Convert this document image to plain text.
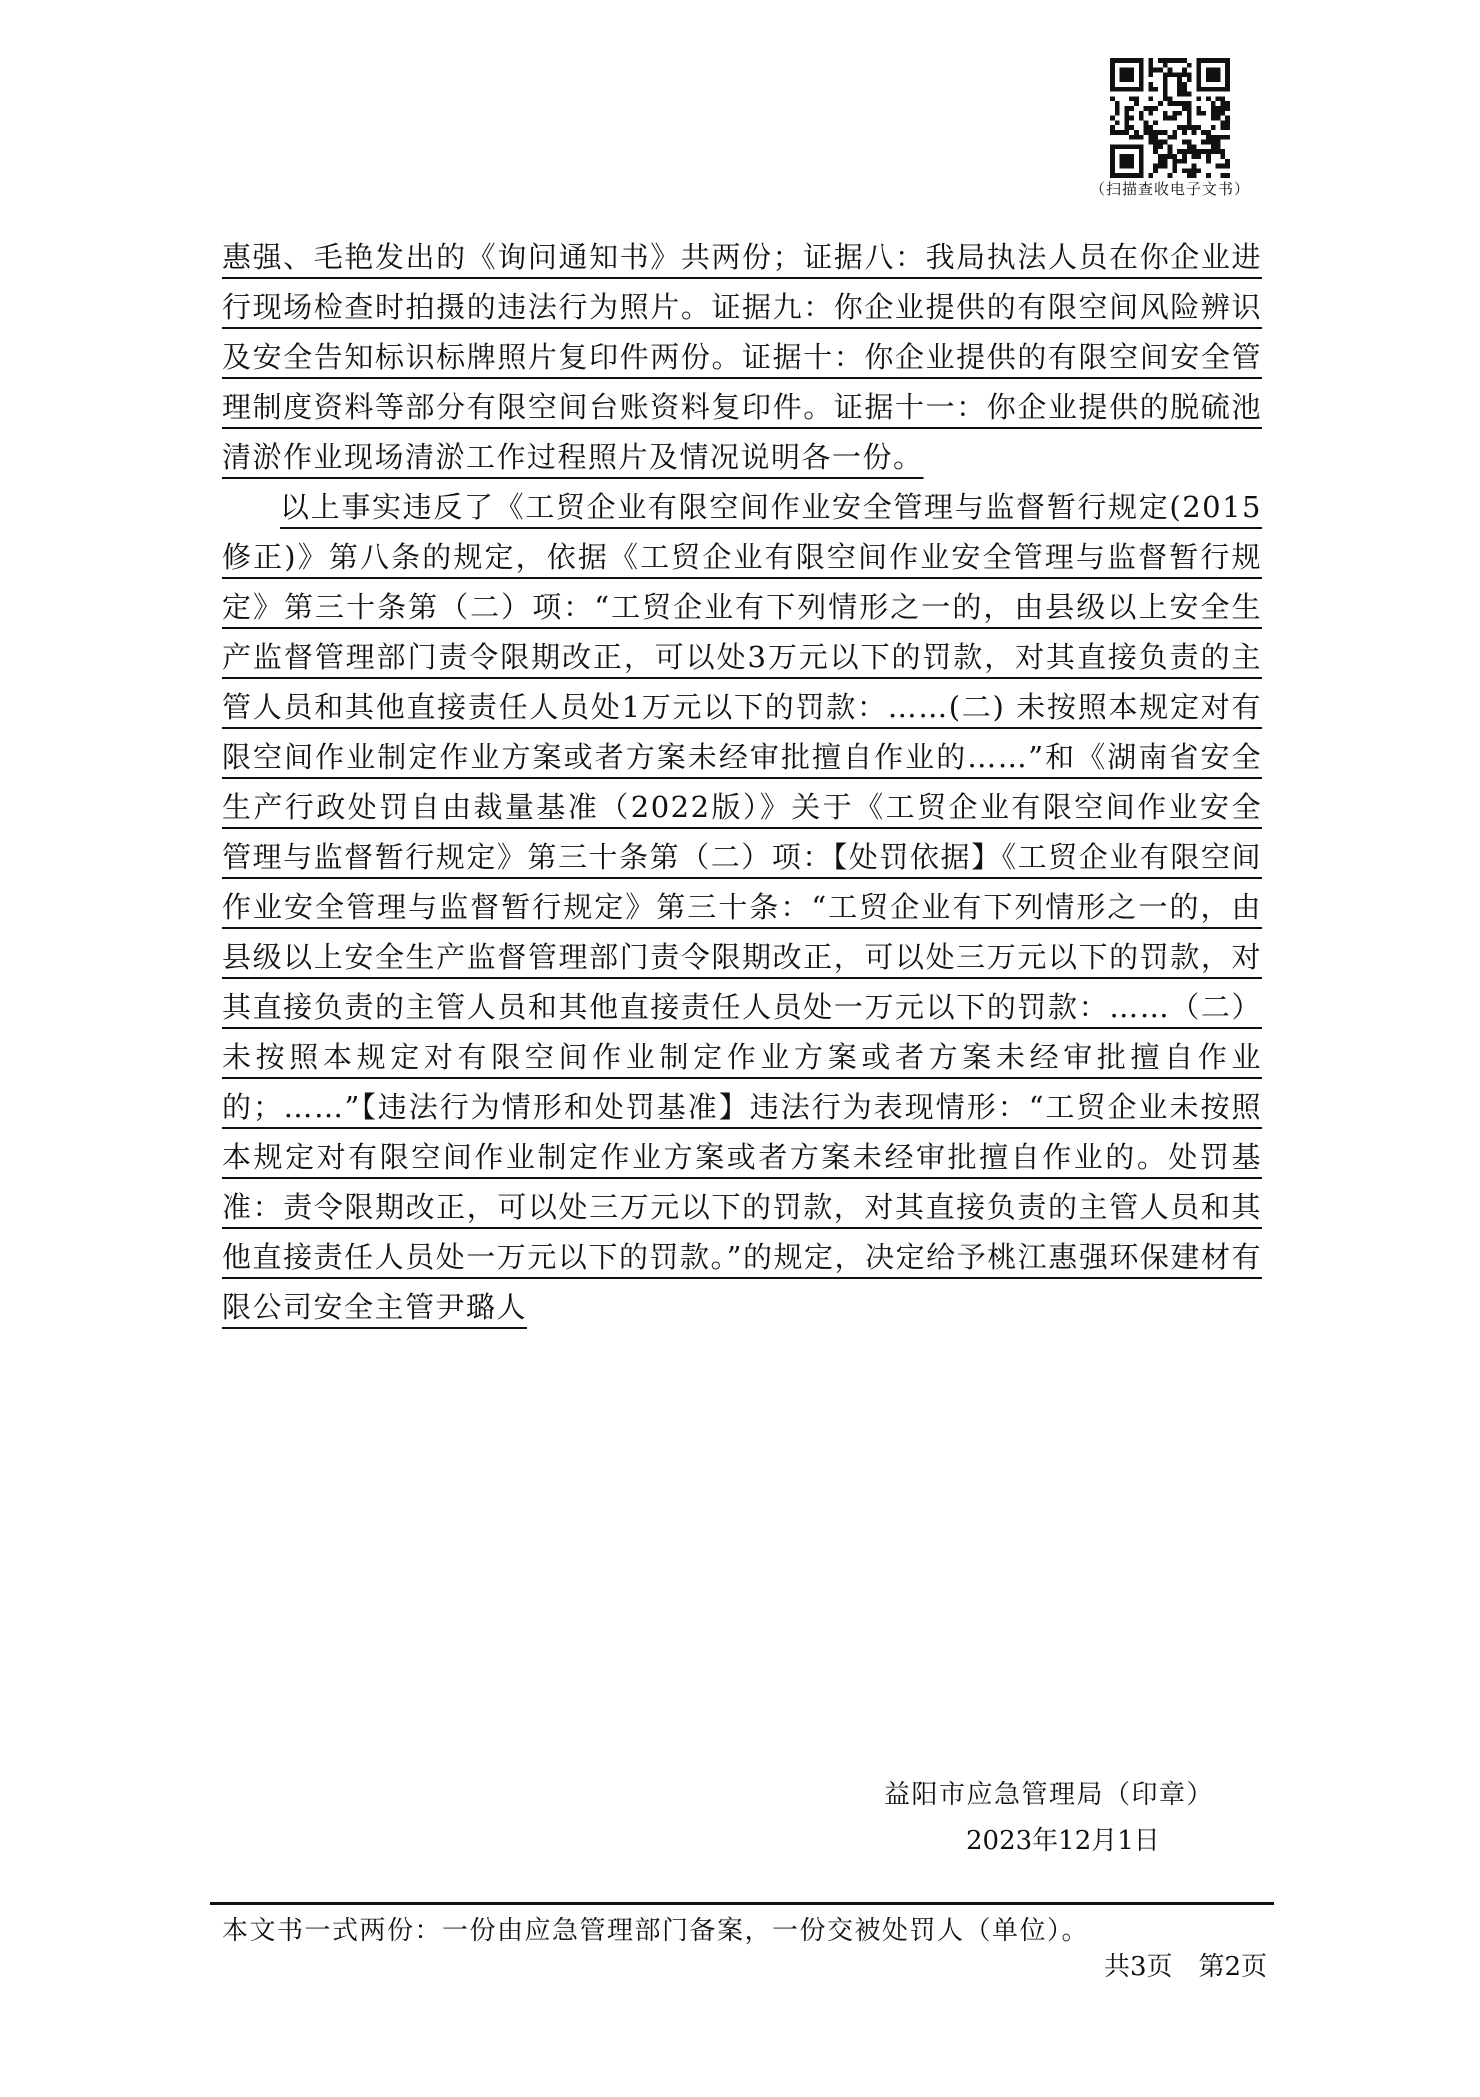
（扫描查收电子文书）

惠强、毛艳发出的《询问通知书》共两份；证据八：我局执法人员在你企业进行现场检查时拍摄的违法行为照片。证据九：你企业提供的有限空间风险辨识及安全告知标识标牌照片复印件两份。证据十：你企业提供的有限空间安全管理制度资料等部分有限空间台账资料复印件。证据十一：你企业提供的脱硫池清淤作业现场清淤工作过程照片及情况说明各一份。

以上事实违反了《工贸企业有限空间作业安全管理与监督暂行规定(2015修正)》第八条的规定，依据《工贸企业有限空间作业安全管理与监督暂行规定》第三十条第（二）项：“工贸企业有下列情形之一的，由县级以上安全生产监督管理部门责令限期改正，可以处3万元以下的罚款，对其直接负责的主管人员和其他直接责任人员处1万元以下的罚款：……(二) 未按照本规定对有限空间作业制定作业方案或者方案未经审批擅自作业的……”和《湖南省安全生产行政处罚自由裁量基准（2022版）》关于《工贸企业有限空间作业安全管理与监督暂行规定》第三十条第（二）项：【处罚依据】《工贸企业有限空间作业安全管理与监督暂行规定》第三十条：“工贸企业有下列情形之一的，由县级以上安全生产监督管理部门责令限期改正，可以处三万元以下的罚款，对其直接负责的主管人员和其他直接责任人员处一万元以下的罚款：……（二）未按照本规定对有限空间作业制定作业方案或者方案未经审批擅自作业的；……”【违法行为情形和处罚基准】违法行为表现情形：“工贸企业未按照本规定对有限空间作业制定作业方案或者方案未经审批擅自作业的。处罚基准：责令限期改正，可以处三万元以下的罚款，对其直接负责的主管人员和其他直接责任人员处一万元以下的罚款。”的规定，决定给予桃江惠强环保建材有限公司安全主管尹璐人

益阳市应急管理局（印章）
2023年12月1日
本文书一式两份：一份由应急管理部门备案，一份交被处罚人（单位）。
共3页　第2页
